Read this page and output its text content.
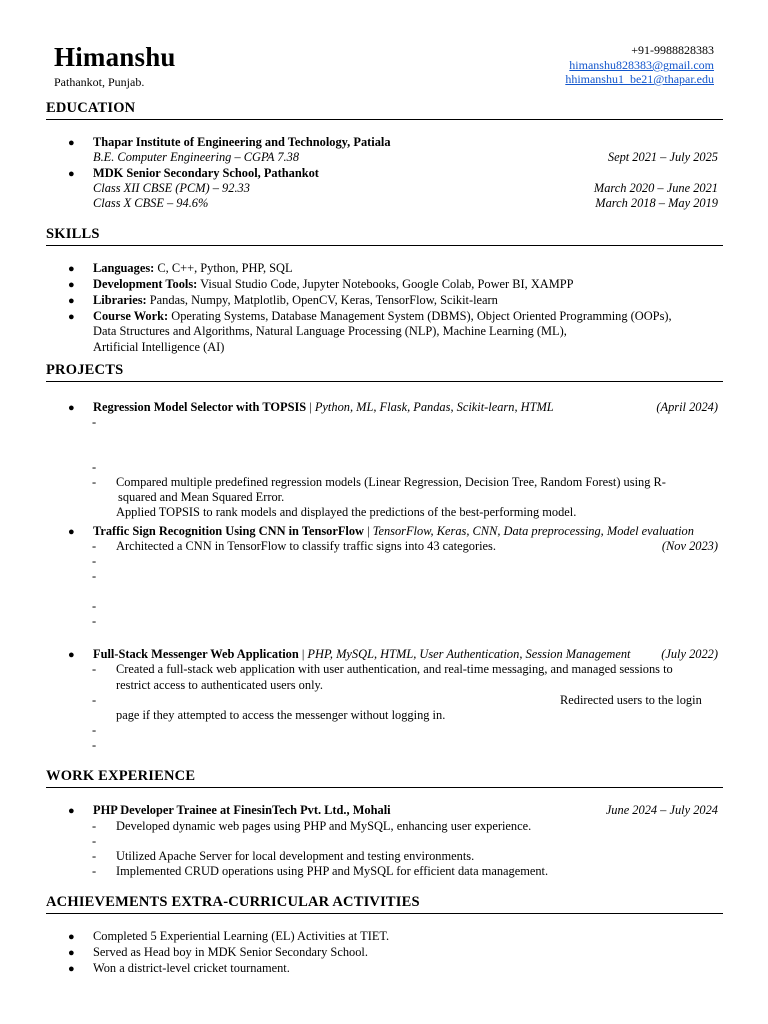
Himanshu
Pathankot, Punjab.
+91-9988828383
himanshu828383@gmail.com
hhimanshu1_be21@thapar.edu
EDUCATION
● Thapar Institute of Engineering and Technology, Patiala
B.E. Computer Engineering – CGPA 7.38	Sept 2021 – July 2025
● MDK Senior Secondary School, Pathankot
Class XII CBSE (PCM) – 92.33	March 2020 – June 2021
Class X CBSE – 94.6%	March 2018 – May 2019
SKILLS
● Languages: C, C++, Python, PHP, SQL
● Development Tools: Visual Studio Code, Jupyter Notebooks, Google Colab, Power BI, XAMPP
● Libraries: Pandas, Numpy, Matplotlib, OpenCV, Keras, TensorFlow, Scikit-learn
● Course Work: Operating Systems, Database Management System (DBMS), Object Oriented Programming (OOPs),
Data Structures and Algorithms, Natural Language Processing (NLP), Machine Learning (ML),
Artificial Intelligence (AI)
PROJECTS
● Regression Model Selector with TOPSIS | Python, ML, Flask, Pandas, Scikit-learn, HTML	(April 2024)
-
-
- Compared multiple predefined regression models (Linear Regression, Decision Tree, Random Forest) using R-
squared and Mean Squared Error.
Applied TOPSIS to rank models and displayed the predictions of the best-performing model.
● Traffic Sign Recognition Using CNN in TensorFlow | TensorFlow, Keras, CNN, Data preprocessing, Model evaluation
- Architected a CNN in TensorFlow to classify traffic signs into 43 categories.	(Nov 2023)
-
-
-
-
● Full-Stack Messenger Web Application | PHP, MySQL, HTML, User Authentication, Session Management (July 2022)
- Created a full-stack web application with user authentication, and real-time messaging, and managed sessions to
restrict access to authenticated users only.
-	Redirected users to the login
page if they attempted to access the messenger without logging in.
-
-
WORK EXPERIENCE
● PHP Developer Trainee at FinesinTech Pvt. Ltd., Mohali	June 2024 – July 2024
- Developed dynamic web pages using PHP and MySQL, enhancing user experience.
-
- Utilized Apache Server for local development and testing environments.
- Implemented CRUD operations using PHP and MySQL for efficient data management.
ACHIEVEMENTS EXTRA-CURRICULAR ACTIVITIES
● Completed 5 Experiential Learning (EL) Activities at TIET.
● Served as Head boy in MDK Senior Secondary School.
● Won a district-level cricket tournament.
